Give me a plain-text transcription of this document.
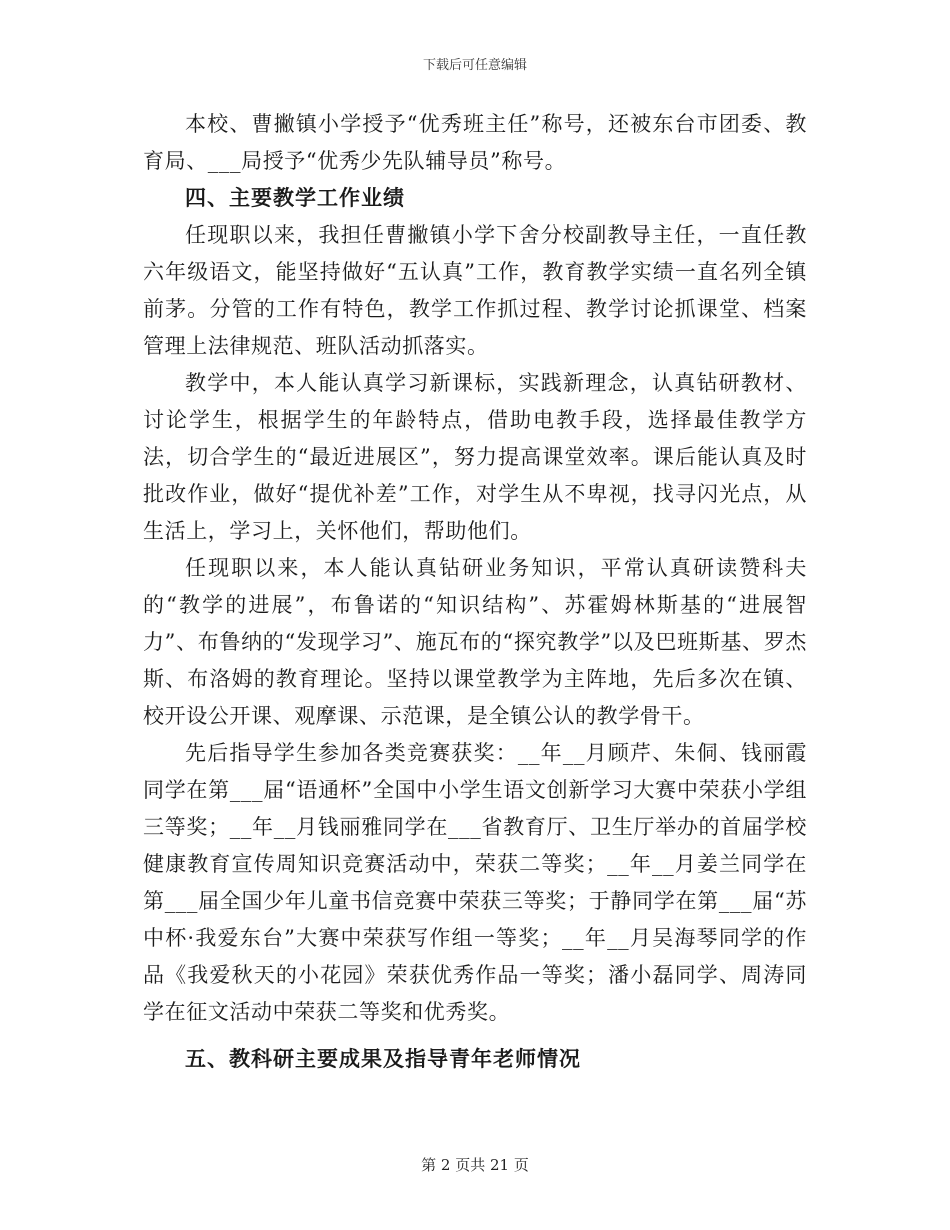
下载后可任意编辑

本校、曹撇镇小学授予“优秀班主任”称号，还被东台市团委、教育局、___局授予“优秀少先队辅导员”称号。

四、主要教学工作业绩

任现职以来，我担任曹撇镇小学下舍分校副教导主任，一直任教六年级语文，能坚持做好“五认真”工作，教育教学实绩一直名列全镇前茅。分管的工作有特色，教学工作抓过程、教学讨论抓课堂、档案管理上法律规范、班队活动抓落实。

教学中，本人能认真学习新课标，实践新理念，认真钻研教材、讨论学生，根据学生的年龄特点，借助电教手段，选择最佳教学方法，切合学生的“最近进展区”，努力提高课堂效率。课后能认真及时批改作业，做好“提优补差”工作，对学生从不卑视，找寻闪光点，从生活上，学习上，关怀他们，帮助他们。

任现职以来，本人能认真钻研业务知识，平常认真研读赞科夫的“教学的进展”，布鲁诺的“知识结构”、苏霍姆林斯基的“进展智力”、布鲁纳的“发现学习”、施瓦布的“探究教学”以及巴班斯基、罗杰斯、布洛姆的教育理论。坚持以课堂教学为主阵地，先后多次在镇、校开设公开课、观摩课、示范课，是全镇公认的教学骨干。

先后指导学生参加各类竞赛获奖：__年__月顾芹、朱侗、钱丽霞同学在第___届“语通杯”全国中小学生语文创新学习大赛中荣获小学组三等奖；__年__月钱丽雅同学在___省教育厅、卫生厅举办的首届学校健康教育宣传周知识竞赛活动中，荣获二等奖；__年__月姜兰同学在第___届全国少年儿童书信竞赛中荣获三等奖；于静同学在第___届“苏中杯·我爱东台”大赛中荣获写作组一等奖；__年__月吴海琴同学的作品《我爱秋天的小花园》荣获优秀作品一等奖；潘小磊同学、周涛同学在征文活动中荣获二等奖和优秀奖。

五、教科研主要成果及指导青年老师情况

第 2 页共 21 页
